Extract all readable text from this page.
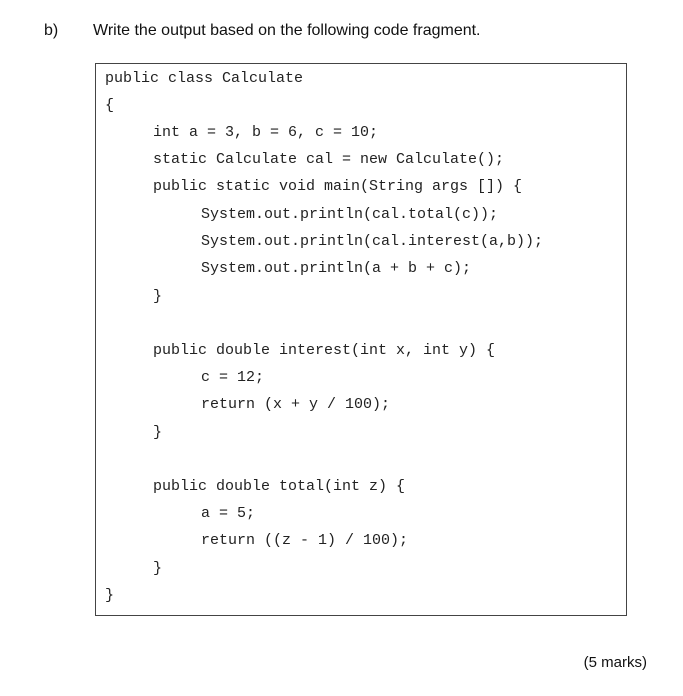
b) Write the output based on the following code fragment.
public class Calculate
{
int a = 3, b = 6, c = 10;
static Calculate cal = new Calculate();
public static void main(String args []) {
System.out.println(cal.total(c));
System.out.println(cal.interest(a,b));
System.out.println(a + b + c);
}
public double interest(int x, int y) {
c = 12;
return (x + y / 100);
}
public double total(int z) {
a = 5;
return ((z - 1) / 100);
}
}
(5 marks)
